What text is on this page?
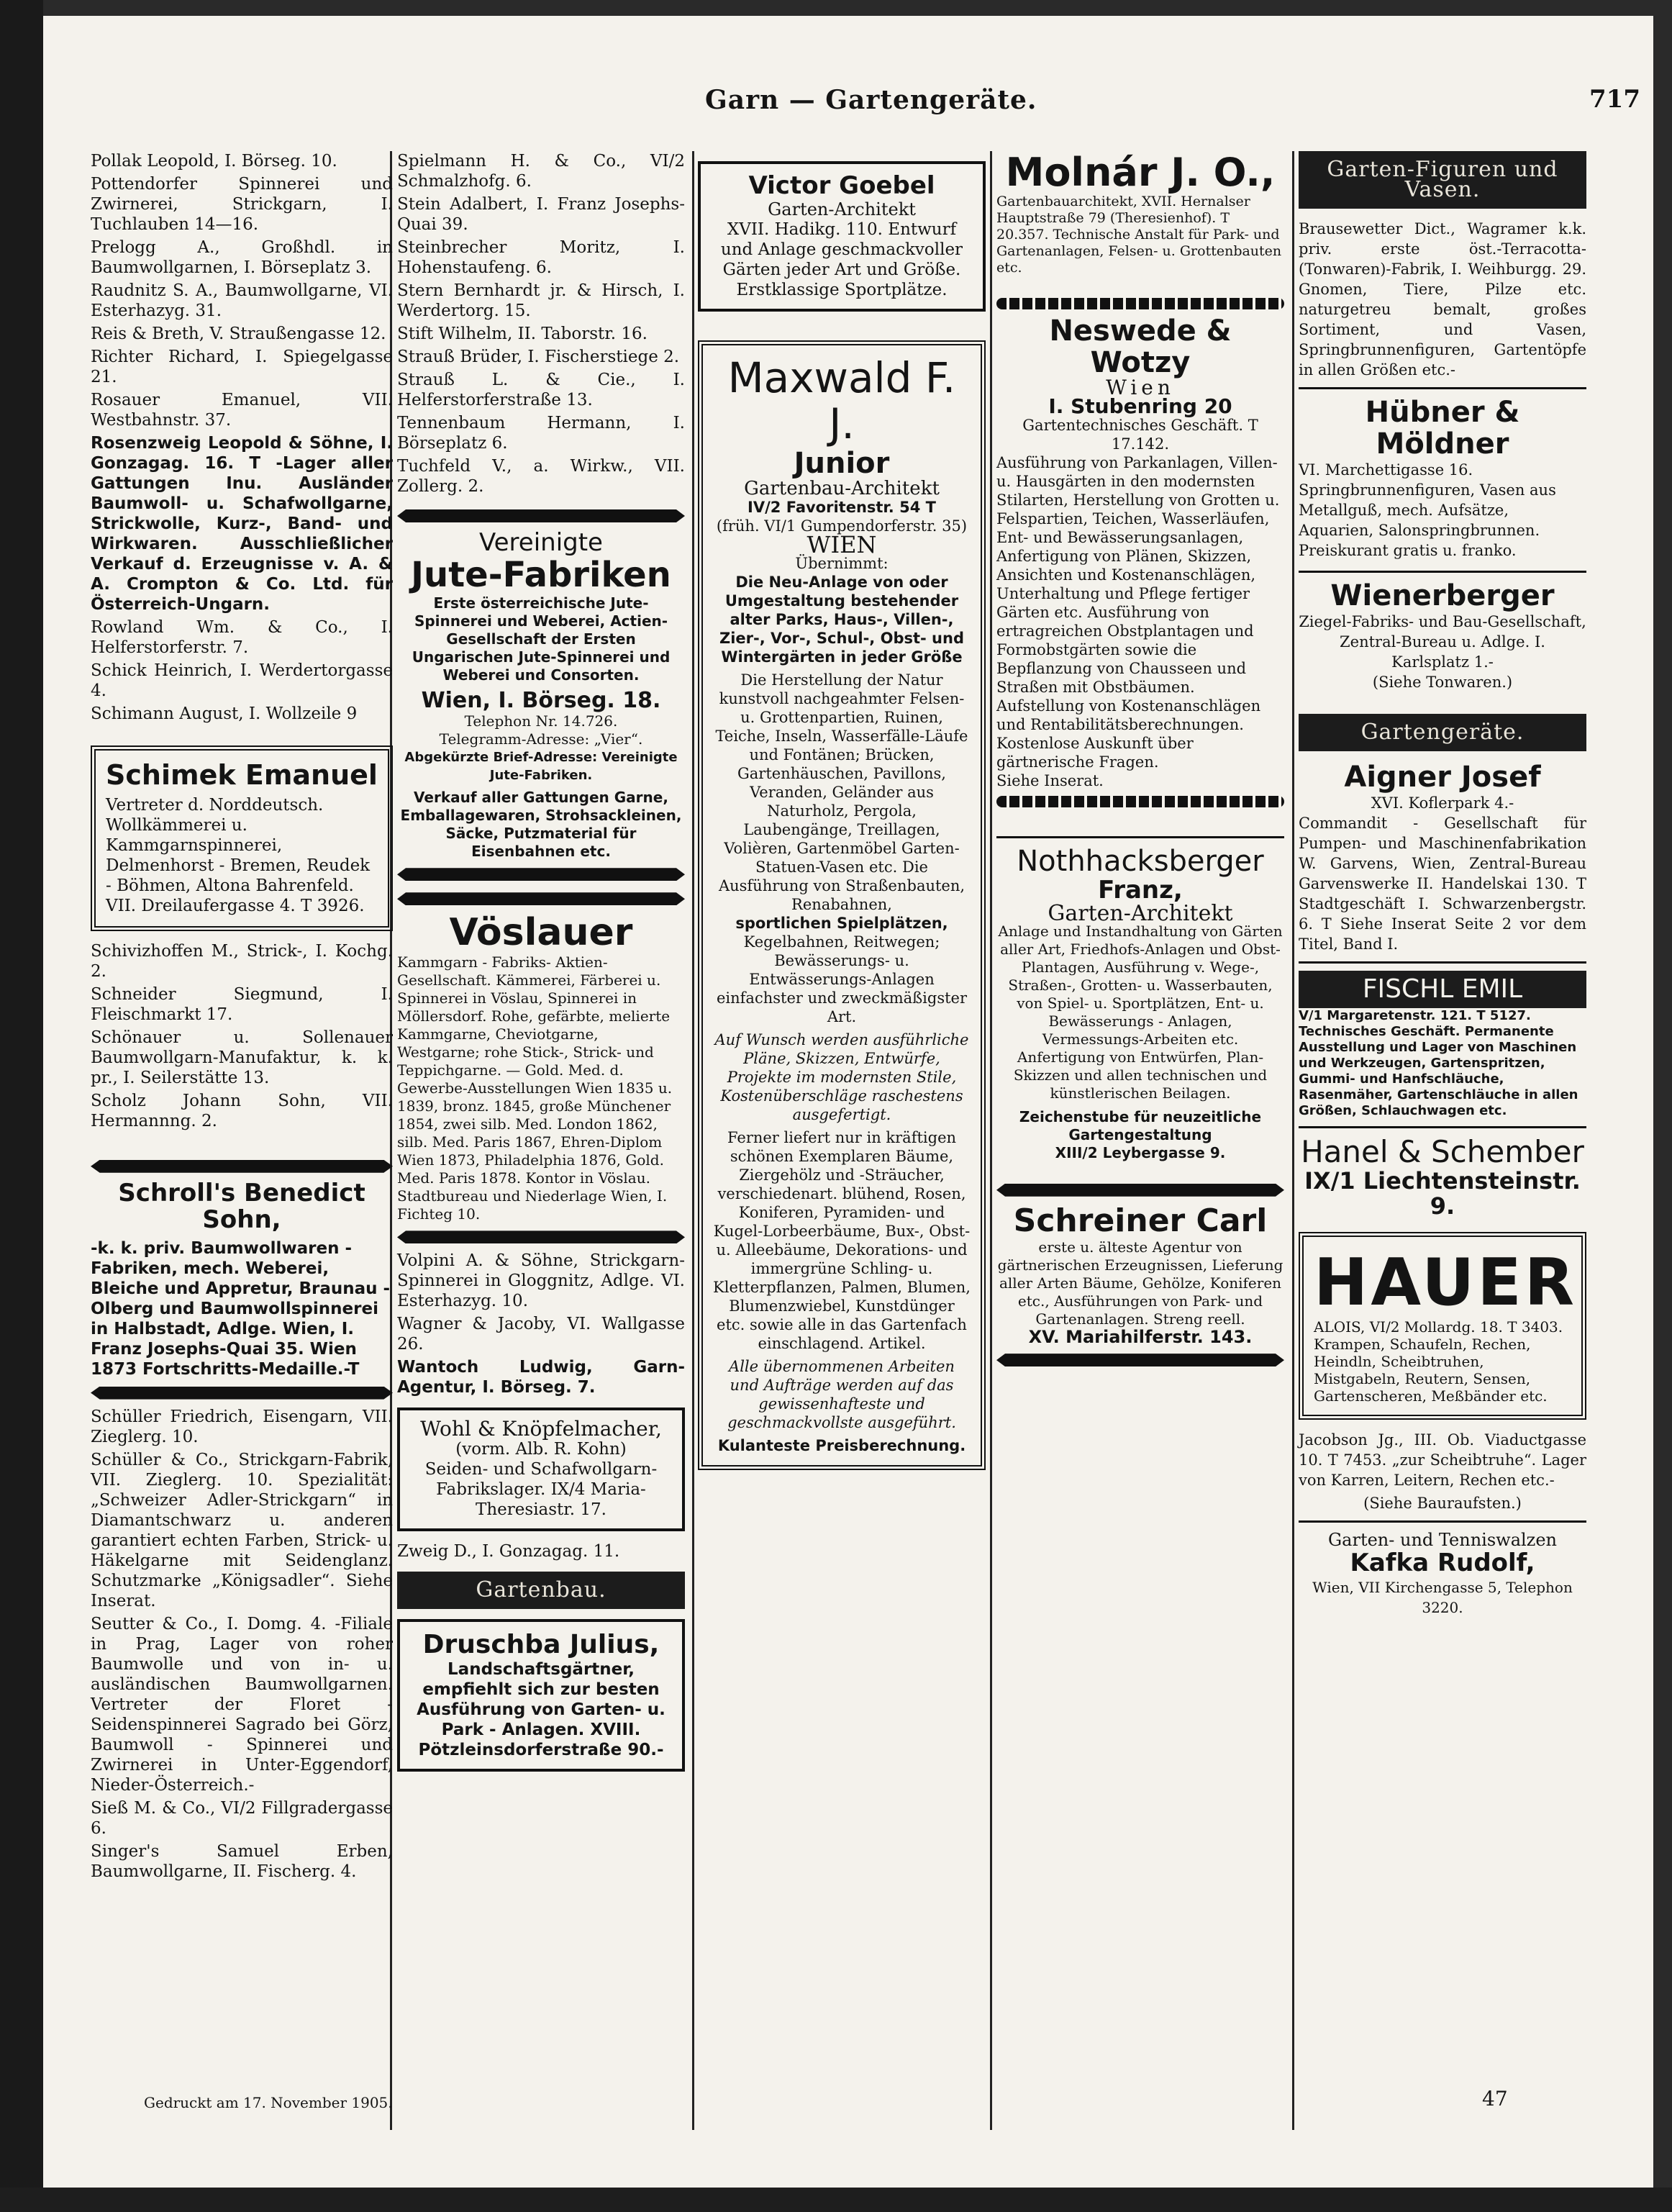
Garn — Gartengeräte.	717

Pollak Leopold, I. Börseg. 10.

Pottendorfer Spinnerei und Zwirnerei, Strickgarn, I. Tuchlauben 14—16.

Prelogg A., Großhdl. in Baumwollgarnen, I. Börseplatz 3.

Raudnitz S. A., Baumwollgarne, VI. Esterhazyg. 31.

Reis & Breth, V. Straußengasse 12.

Richter Richard, I. Spiegelgasse 21.

Rosauer Emanuel, VII. Westbahnstr. 37.

Rosenzweig Leopold & Söhne, I. Gonzagag. 16. T -Lager aller Gattungen Inu. Ausländer Baumwoll- u. Schafwollgarne, Strickwolle, Kurz-, Band- und Wirkwaren. Ausschließlicher Verkauf d. Erzeugnisse v. A. & A. Crompton & Co. Ltd. für Österreich-Ungarn.

Rowland Wm. & Co., I. Helferstorferstr. 7.

Schick Heinrich, I. Werdertorgasse 4.

Schimann August, I. Wollzeile 9

Schimek Emanuel
Vertreter d. Norddeutsch. Wollkämmerei u. Kammgarnspinnerei, Delmenhorst - Bremen, Reudek - Böhmen, Altona Bahrenfeld. VII. Dreilaufergasse 4. T 3926.

Schivizhoffen M., Strick-, I. Kochg. 2.

Schneider Siegmund, I. Fleischmarkt 17.

Schönauer u. Sollenauer Baumwollgarn-Manufaktur, k. k. pr., I. Seilerstätte 13.

Scholz Johann Sohn, VII. Hermannng. 2.

Schroll's Benedict Sohn,
-k. k. priv. Baumwollwaren - Fabriken, mech. Weberei, Bleiche und Appretur, Braunau - Olberg und Baumwollspinnerei in Halbstadt, Adlge. Wien, I. Franz Josephs-Quai 35. Wien 1873 Fortschritts-Medaille.-T

Schüller Friedrich, Eisengarn, VII. Zieglerg. 10.

Schüller & Co., Strickgarn-Fabrik, VII. Zieglerg. 10. Spezialität: „Schweizer Adler-Strickgarn“ in Diamantschwarz u. anderen garantiert echten Farben, Strick- u. Häkelgarne mit Seidenglanz. Schutzmarke „Königsadler“. Siehe Inserat.

Seutter & Co., I. Domg. 4. -Filiale in Prag, Lager von roher Baumwolle und von in- u. ausländischen Baumwollgarnen. Vertreter der Floret - Seidenspinnerei Sagrado bei Görz, Baumwoll - Spinnerei und Zwirnerei in Unter-Eggendorf, Nieder-Österreich.-

Sieß M. & Co., VI/2 Fillgradergasse 6.

Singer's Samuel Erben, Baumwollgarne, II. Fischerg. 4.

Spielmann H. & Co., VI/2 Schmalzhofg. 6.

Stein Adalbert, I. Franz Josephs-Quai 39.

Steinbrecher Moritz, I. Hohenstaufeng. 6.

Stern Bernhardt jr. & Hirsch, I. Werdertorg. 15.

Stift Wilhelm, II. Taborstr. 16.

Strauß Brüder, I. Fischerstiege 2.

Strauß L. & Cie., I. Helferstorferstraße 13.

Tennenbaum Hermann, I. Börseplatz 6.

Tuchfeld V., a. Wirkw., VII. Zollerg. 2.

Vereinigte
Jute-Fabriken
Erste österreichische Jute-Spinnerei und Weberei, Actien-Gesellschaft der Ersten Ungarischen Jute-Spinnerei und Weberei und Consorten.
Wien, I. Börseg. 18.
Telephon Nr. 14.726.
Telegramm-Adresse: „Vier“.
Abgekürzte Brief-Adresse: Vereinigte Jute-Fabriken.
Verkauf aller Gattungen Garne, Emballagewaren, Strohsackleinen, Säcke, Putzmaterial für Eisenbahnen etc.
Vöslauer
Kammgarn - Fabriks- Aktien-Gesellschaft. Kämmerei, Färberei u. Spinnerei in Vöslau, Spinnerei in Möllersdorf. Rohe, gefärbte, melierte Kammgarne, Cheviotgarne, Westgarne; rohe Stick-, Strick- und Teppichgarne. — Gold. Med. d. Gewerbe-Ausstellungen Wien 1835 u. 1839, bronz. 1845, große Münchener 1854, zwei silb. Med. London 1862, silb. Med. Paris 1867, Ehren-Diplom Wien 1873, Philadelphia 1876, Gold. Med. Paris 1878. Kontor in Vöslau. Stadtbureau und Niederlage Wien, I. Fichteg 10.

Volpini A. & Söhne, Strickgarn-Spinnerei in Gloggnitz, Adlge. VI. Esterhazyg. 10.

Wagner & Jacoby, VI. Wallgasse 26.

Wantoch Ludwig, Garn-Agentur, I. Börseg. 7.

Wohl & Knöpfelmacher,
(vorm. Alb. R. Kohn)
Seiden- und Schafwollgarn-Fabrikslager. IX/4 Maria-Theresiastr. 17.

Zweig D., I. Gonzagag. 11.

Gartenbau.
Druschba Julius,
Landschaftsgärtner, empfiehlt sich zur besten Ausführung von Garten- u. Park - Anlagen. XVIII. Pötzleinsdorferstraße 90.-
Victor Goebel
Garten-Architekt
XVII. Hadikg. 110. Entwurf und Anlage geschmackvoller Gärten jeder Art und Größe. Erstklassige Sportplätze.
Maxwald F. J.
Junior
Gartenbau-Architekt
IV/2 Favoritenstr. 54 T
(früh. VI/1 Gumpendorferstr. 35)
WIEN
Übernimmt:
Die Neu-Anlage von oder Umgestaltung bestehender alter Parks, Haus-, Villen-, Zier-, Vor-, Schul-, Obst- und Wintergärten in jeder Größe
Die Herstellung der Natur kunstvoll nachgeahmter Felsen- u. Grottenpartien, Ruinen, Teiche, Inseln, Wasserfälle-Läufe und Fontänen; Brücken, Gartenhäuschen, Pavillons, Veranden, Geländer aus Naturholz, Pergola, Laubengänge, Treillagen, Volièren, Gartenmöbel Garten-Statuen-Vasen etc. Die Ausführung von Straßenbauten, Renabahnen,
sportlichen Spielplätzen,
Kegelbahnen, Reitwegen; Bewässerungs- u. Entwässerungs-Anlagen einfachster und zweckmäßigster Art.
Auf Wunsch werden ausführliche Pläne, Skizzen, Entwürfe, Projekte im modernsten Stile, Kostenüberschläge raschestens ausgefertigt.
Ferner liefert nur in kräftigen schönen Exemplaren Bäume, Ziergehölz und -Sträucher, verschiedenart. blühend, Rosen, Koniferen, Pyramiden- und Kugel-Lorbeerbäume, Bux-, Obst- u. Alleebäume, Dekorations- und immergrüne Schling- u. Kletterpflanzen, Palmen, Blumen, Blumenzwiebel, Kunstdünger etc. sowie alle in das Gartenfach einschlagend. Artikel.
Alle übernommenen Arbeiten und Aufträge werden auf das gewissenhafteste und geschmackvollste ausgeführt.
Kulanteste Preisberechnung.
Molnár J. O.,
Gartenbauarchitekt, XVII. Hernalser Hauptstraße 79 (Theresienhof). T 20.357. Technische Anstalt für Park- und Gartenanlagen, Felsen- u. Grottenbauten etc.
Neswede & Wotzy
Wien
I. Stubenring 20
Gartentechnisches Geschäft. T 17.142.
Ausführung von Parkanlagen, Villen- u. Hausgärten in den modernsten Stilarten, Herstellung von Grotten u. Felspartien, Teichen, Wasserläufen, Ent- und Bewässerungsanlagen, Anfertigung von Plänen, Skizzen, Ansichten und Kostenanschlägen, Unterhaltung und Pflege fertiger Gärten etc. Ausführung von ertragreichen Obstplantagen und Formobstgärten sowie die Bepflanzung von Chausseen und Straßen mit Obstbäumen. Aufstellung von Kostenanschlägen und Rentabilitätsberechnungen. Kostenlose Auskunft über gärtnerische Fragen.
Siehe Inserat.
Nothhacksberger
Franz,
Garten-Architekt
Anlage und Instandhaltung von Gärten aller Art, Friedhofs-Anlagen und Obst-Plantagen, Ausführung v. Wege-, Straßen-, Grotten- u. Wasserbauten, von Spiel- u. Sportplätzen, Ent- u. Bewässerungs - Anlagen, Vermessungs-Arbeiten etc. Anfertigung von Entwürfen, Plan-Skizzen und allen technischen und künstlerischen Beilagen.
Zeichenstube für neuzeitliche Gartengestaltung
XIII/2 Leybergasse 9.
Schreiner Carl
erste u. älteste Agentur von gärtnerischen Erzeugnissen, Lieferung aller Arten Bäume, Gehölze, Koniferen etc., Ausführungen von Park- und Gartenanlagen. Streng reell.
XV. Mariahilferstr. 143.
Garten-Figuren und Vasen.

Brausewetter Dict., Wagramer k.k. priv. erste öst.-Terracotta-(Tonwaren)-Fabrik, I. Weihburgg. 29. Gnomen, Tiere, Pilze etc. naturgetreu bemalt, großes Sortiment, und Vasen, Springbrunnenfiguren, Gartentöpfe in allen Größen etc.-

Hübner & Möldner
VI. Marchettigasse 16. Springbrunnenfiguren, Vasen aus Metallguß, mech. Aufsätze, Aquarien, Salonspringbrunnen. Preiskurant gratis u. franko.
Wienerberger
Ziegel-Fabriks- und Bau-Gesellschaft, Zentral-Bureau u. Adlge. I. Karlsplatz 1.-
(Siehe Tonwaren.)
Gartengeräte.
Aigner Josef
XVI. Koflerpark 4.-

Commandit - Gesellschaft für Pumpen- und Maschinenfabrikation W. Garvens, Wien, Zentral-Bureau Garvenswerke II. Handelskai 130. T Stadtgeschäft I. Schwarzenbergstr. 6. T Siehe Inserat Seite 2 vor dem Titel, Band I.

FISCHL EMIL
V/1 Margaretenstr. 121. T 5127. Technisches Geschäft. Permanente Ausstellung und Lager von Maschinen und Werkzeugen, Gartenspritzen, Gummi- und Hanfschläuche, Rasenmäher, Gartenschläuche in allen Größen, Schlauchwagen etc.
Hanel & Schember
IX/1 Liechtensteinstr. 9.
HAUER
ALOIS, VI/2 Mollardg. 18. T 3403. Krampen, Schaufeln, Rechen, Heindln, Scheibtruhen, Mistgabeln, Reutern, Sensen, Gartenscheren, Meßbänder etc.

Jacobson Jg., III. Ob. Viaductgasse 10. T 7453. „zur Scheibtruhe“. Lager von Karren, Leitern, Rechen etc.-

(Siehe Bauraufsten.)

Garten- und Tenniswalzen
Kafka Rudolf,
Wien, VII Kirchengasse 5, Telephon 3220.
Gedruckt am 17. November 1905.	47
